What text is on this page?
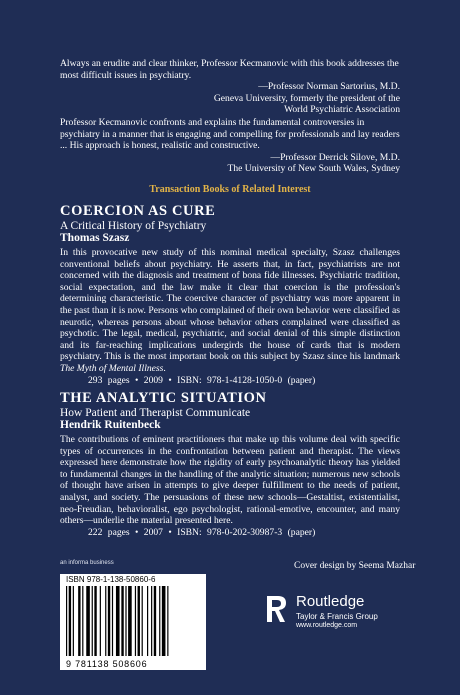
Always an erudite and clear thinker, Professor Kecmanovic with this book addresses the most difficult issues in psychiatry.
—Professor Norman Sartorius, M.D.
Geneva University, formerly the president of the
World Psychiatric Association
Professor Kecmanovic confronts and explains the fundamental controversies in psychiatry in a manner that is engaging and compelling for professionals and lay readers ... His approach is honest, realistic and constructive.
—Professor Derrick Silove, M.D.
The University of New South Wales, Sydney
Transaction Books of Related Interest
COERCION AS CURE
A Critical History of Psychiatry
Thomas Szasz
In this provocative new study of this nominal medical specialty, Szasz challenges conventional beliefs about psychiatry. He asserts that, in fact, psychiatrists are not concerned with the diagnosis and treatment of bona fide illnesses. Psychiatric tradition, social expectation, and the law make it clear that coercion is the profession's determining characteristic. The coercive character of psychiatry was more apparent in the past than it is now. Persons who complained of their own behavior were classified as neurotic, whereas persons about whose behavior others complained were classified as psychotic. The legal, medical, psychiatric, and social denial of this simple distinction and its far-reaching implications undergirds the house of cards that is modern psychiatry. This is the most important book on this subject by Szasz since his landmark The Myth of Mental Illness.
293 pages • 2009 • ISBN: 978-1-4128-1050-0 (paper)
THE ANALYTIC SITUATION
How Patient and Therapist Communicate
Hendrik Ruitenbeck
The contributions of eminent practitioners that make up this volume deal with specific types of occurrences in the confrontation between patient and therapist. The views expressed here demonstrate how the rigidity of early psychoanalytic theory has yielded to fundamental changes in the handling of the analytic situation; numerous new schools of thought have arisen in attempts to give deeper fulfillment to the needs of patient, analyst, and society. The persuasions of these new schools—Gestaltist, existentialist, neo-Freudian, behavioralist, ego psychologist, rational-emotive, encounter, and many others—underlie the material presented here.
222 pages • 2007 • ISBN: 978-0-202-30987-3 (paper)
an informa business
ISBN 978-1-138-50860-6
9 781138 508606
Cover design by Seema Mazhar
Routledge
Taylor & Francis Group
www.routledge.com
